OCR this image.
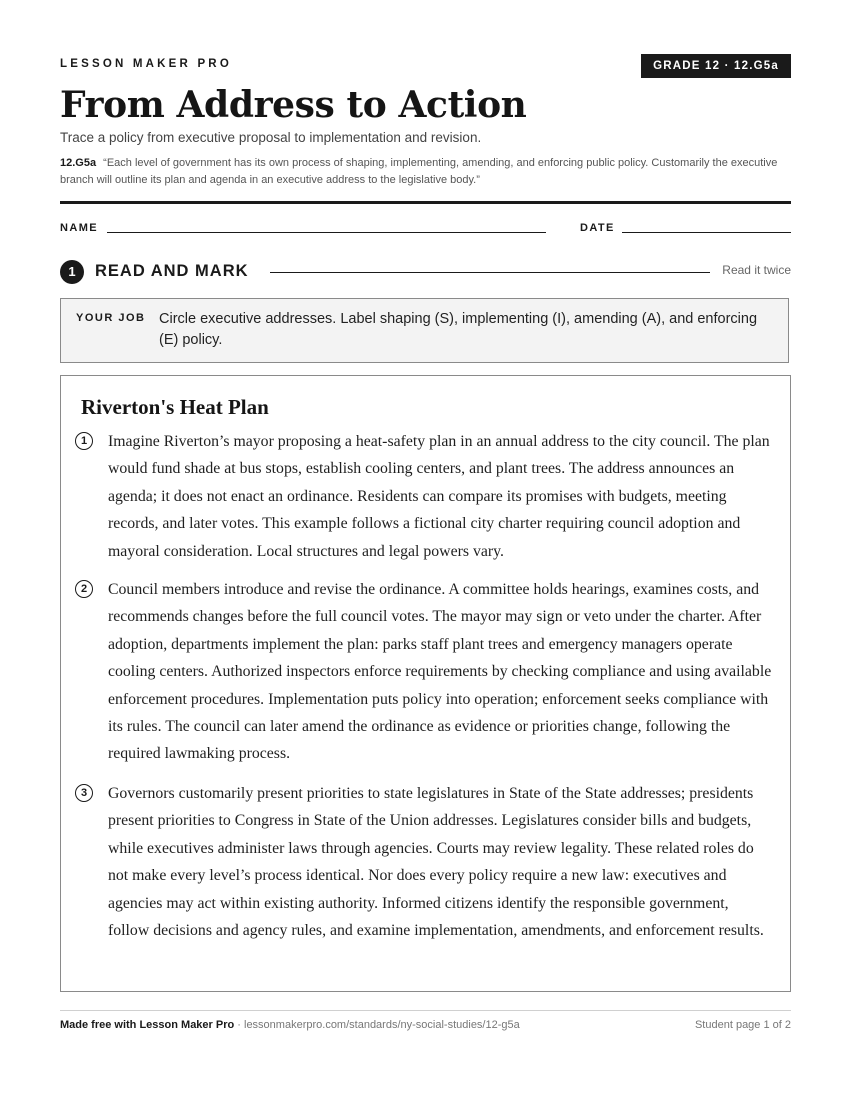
LESSON MAKER PRO	GRADE 12 · 12.G5a
From Address to Action
Trace a policy from executive proposal to implementation and revision.
12.G5a “Each level of government has its own process of shaping, implementing, amending, and enforcing public policy. Customarily the executive branch will outline its plan and agenda in an executive address to the legislative body.”
NAME	DATE
1	READ AND MARK	Read it twice
YOUR JOB Circle executive addresses. Label shaping (S), implementing (I), amending (A), and enforcing (E) policy.
Riverton's Heat Plan
1	Imagine Riverton’s mayor proposing a heat-safety plan in an annual address to the city council. The plan would fund shade at bus stops, establish cooling centers, and plant trees. The address announces an agenda; it does not enact an ordinance. Residents can compare its promises with budgets, meeting records, and later votes. This example follows a fictional city charter requiring council adoption and mayoral consideration. Local structures and legal powers vary.
2	Council members introduce and revise the ordinance. A committee holds hearings, examines costs, and recommends changes before the full council votes. The mayor may sign or veto under the charter. After adoption, departments implement the plan: parks staff plant trees and emergency managers operate cooling centers. Authorized inspectors enforce requirements by checking compliance and using available enforcement procedures. Implementation puts policy into operation; enforcement seeks compliance with its rules. The council can later amend the ordinance as evidence or priorities change, following the required lawmaking process.
3	Governors customarily present priorities to state legislatures in State of the State addresses; presidents present priorities to Congress in State of the Union addresses. Legislatures consider bills and budgets, while executives administer laws through agencies. Courts may review legality. These related roles do not make every level’s process identical. Nor does every policy require a new law: executives and agencies may act within existing authority. Informed citizens identify the responsible government, follow decisions and agency rules, and examine implementation, amendments, and enforcement results.
Made free with Lesson Maker Pro · lessonmakerpro.com/standards/ny-social-studies/12-g5a	Student page 1 of 2
